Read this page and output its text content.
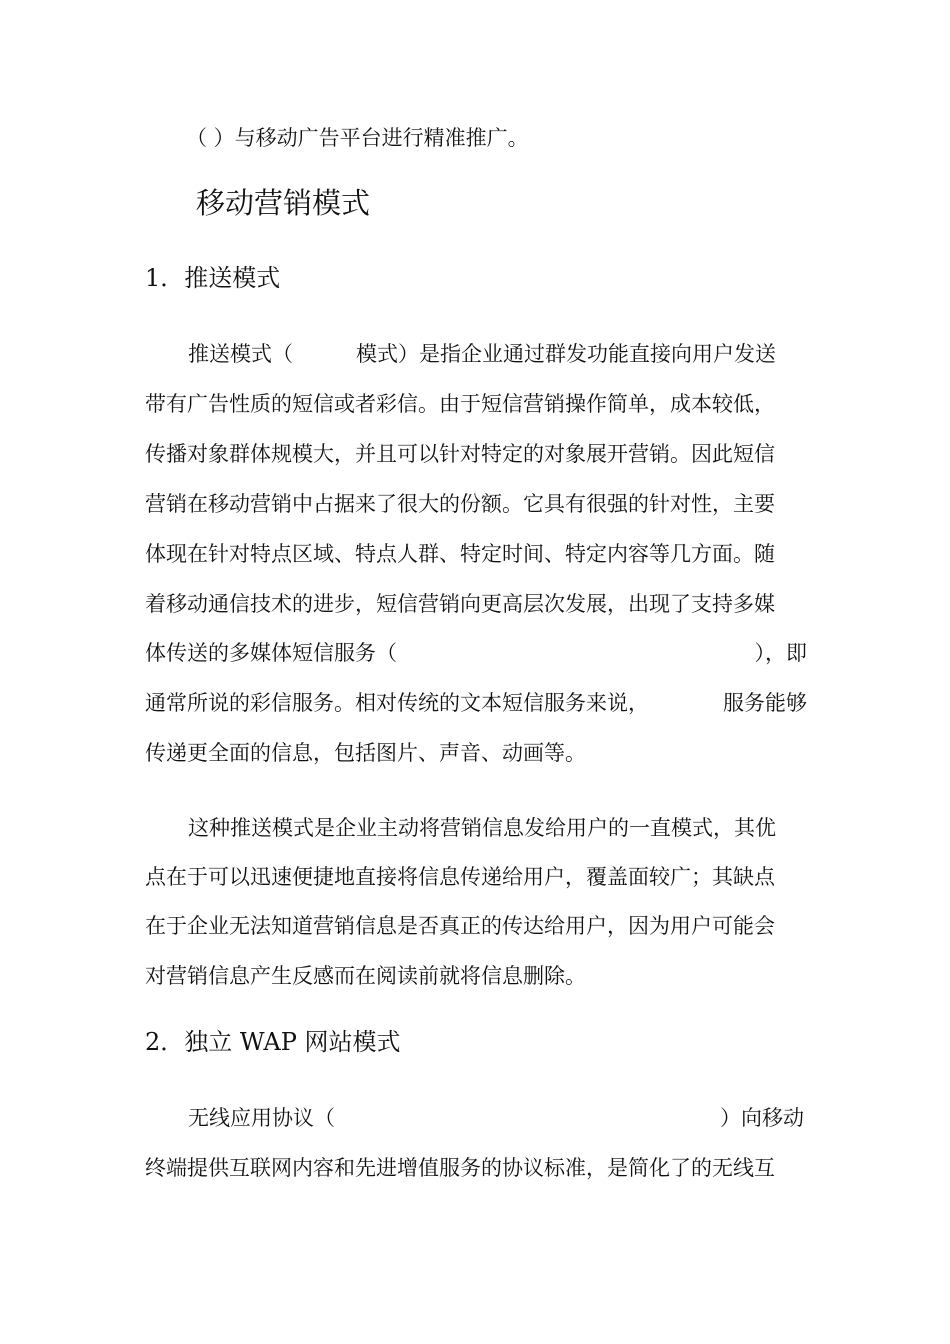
（ ）与移动广告平台进行精准推广。
移动营销模式
1．推送模式
推送模式（　　　模式）是指企业通过群发功能直接向用户发送
带有广告性质的短信或者彩信。由于短信营销操作简单，成本较低，
传播对象群体规模大，并且可以针对特定的对象展开营销。因此短信
营销在移动营销中占据来了很大的份额。它具有很强的针对性，主要
体现在针对特点区域、特点人群、特定时间、特定内容等几方面。随
着移动通信技术的进步，短信营销向更高层次发展，出现了支持多媒
体传送的多媒体短信服务（	），即
通常所说的彩信服务。相对传统的文本短信服务来说，	服务能够
传递更全面的信息，包括图片、声音、动画等。
这种推送模式是企业主动将营销信息发给用户的一直模式，其优
点在于可以迅速便捷地直接将信息传递给用户，覆盖面较广；其缺点
在于企业无法知道营销信息是否真正的传达给用户，因为用户可能会
对营销信息产生反感而在阅读前就将信息删除。
2．独立 WAP 网站模式
无线应用协议（	）向移动
终端提供互联网内容和先进增值服务的协议标准，是简化了的无线互
